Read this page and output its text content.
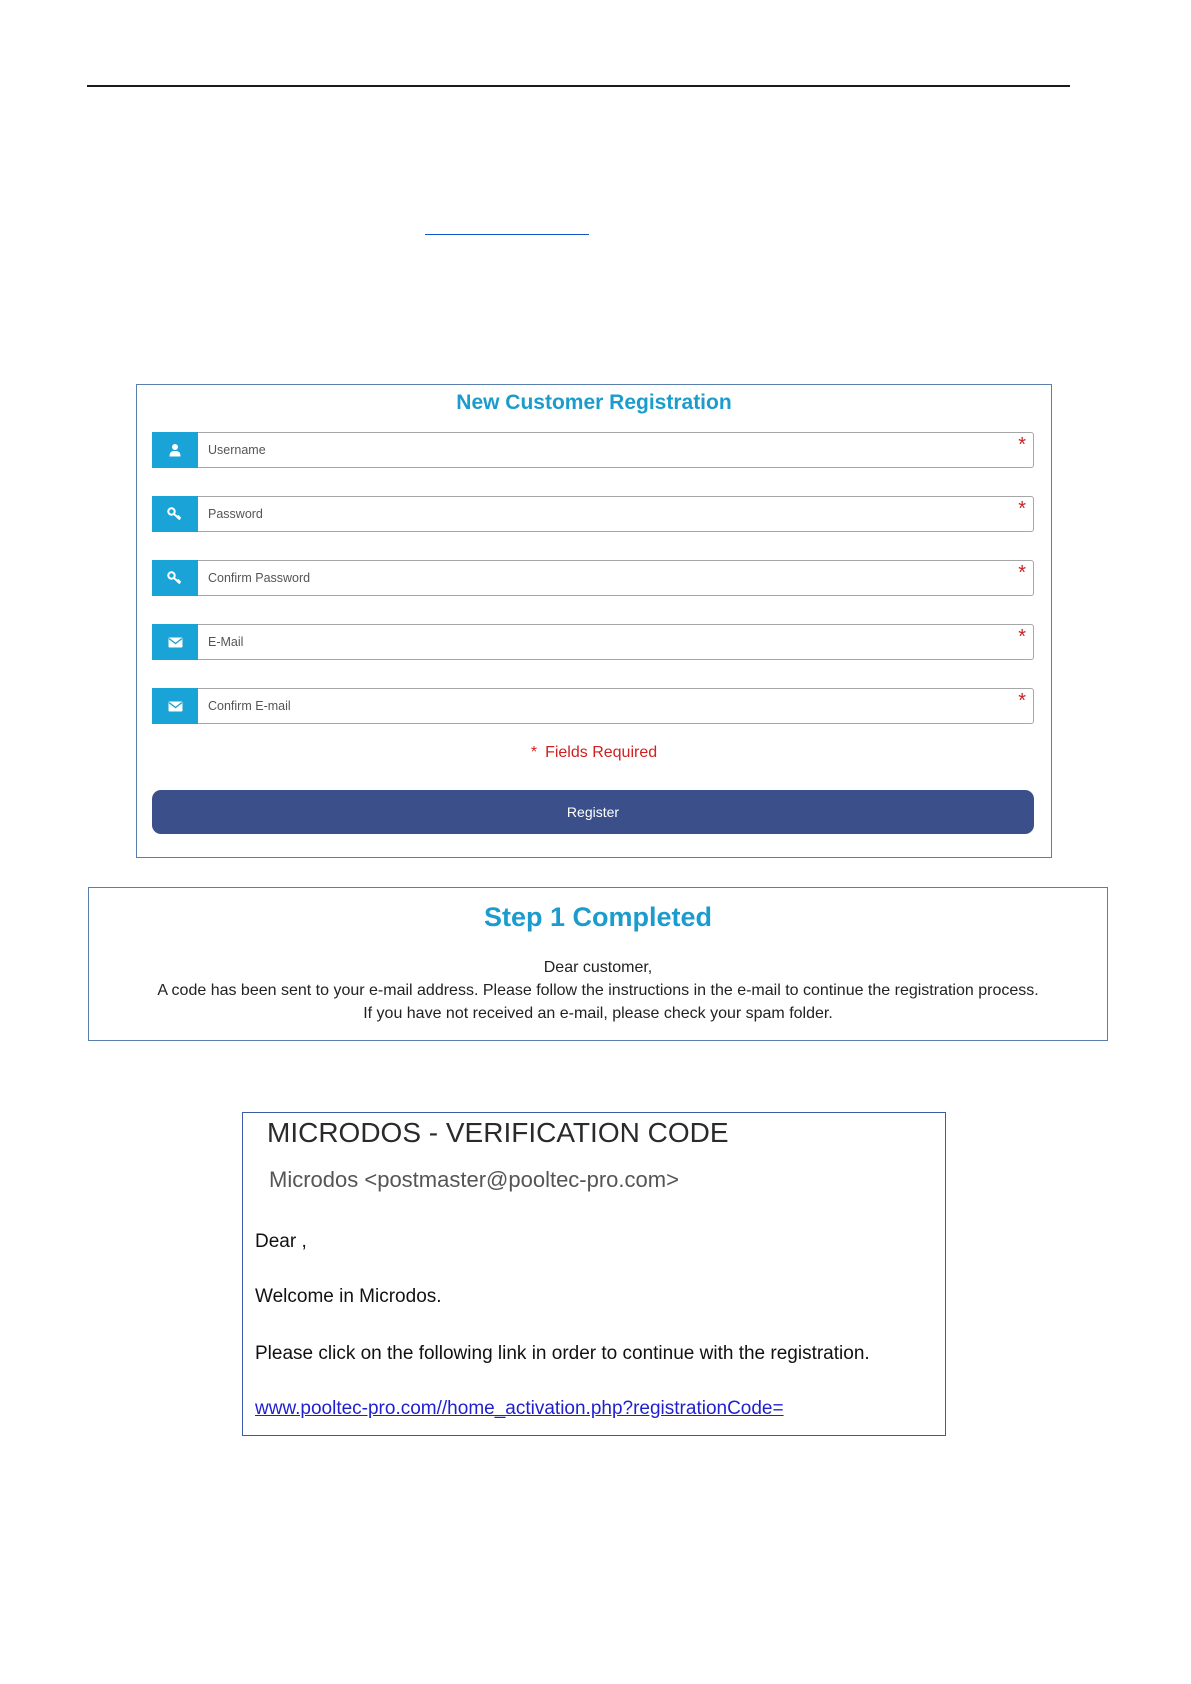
New Customer Registration
Username	*
Password	*
Confirm Password	*
E-Mail	*
Confirm E-mail	*
* Fields Required
Register
Step 1 Completed
Dear customer,
A code has been sent to your e-mail address. Please follow the instructions in the e-mail to continue the registration process.
If you have not received an e-mail, please check your spam folder.
MICRODOS - VERIFICATION CODE
Microdos <postmaster@pooltec-pro.com>
Dear ,
Welcome in Microdos.
Please click on the following link in order to continue with the registration.
www.pooltec-pro.com//home_activation.php?registrationCode=
